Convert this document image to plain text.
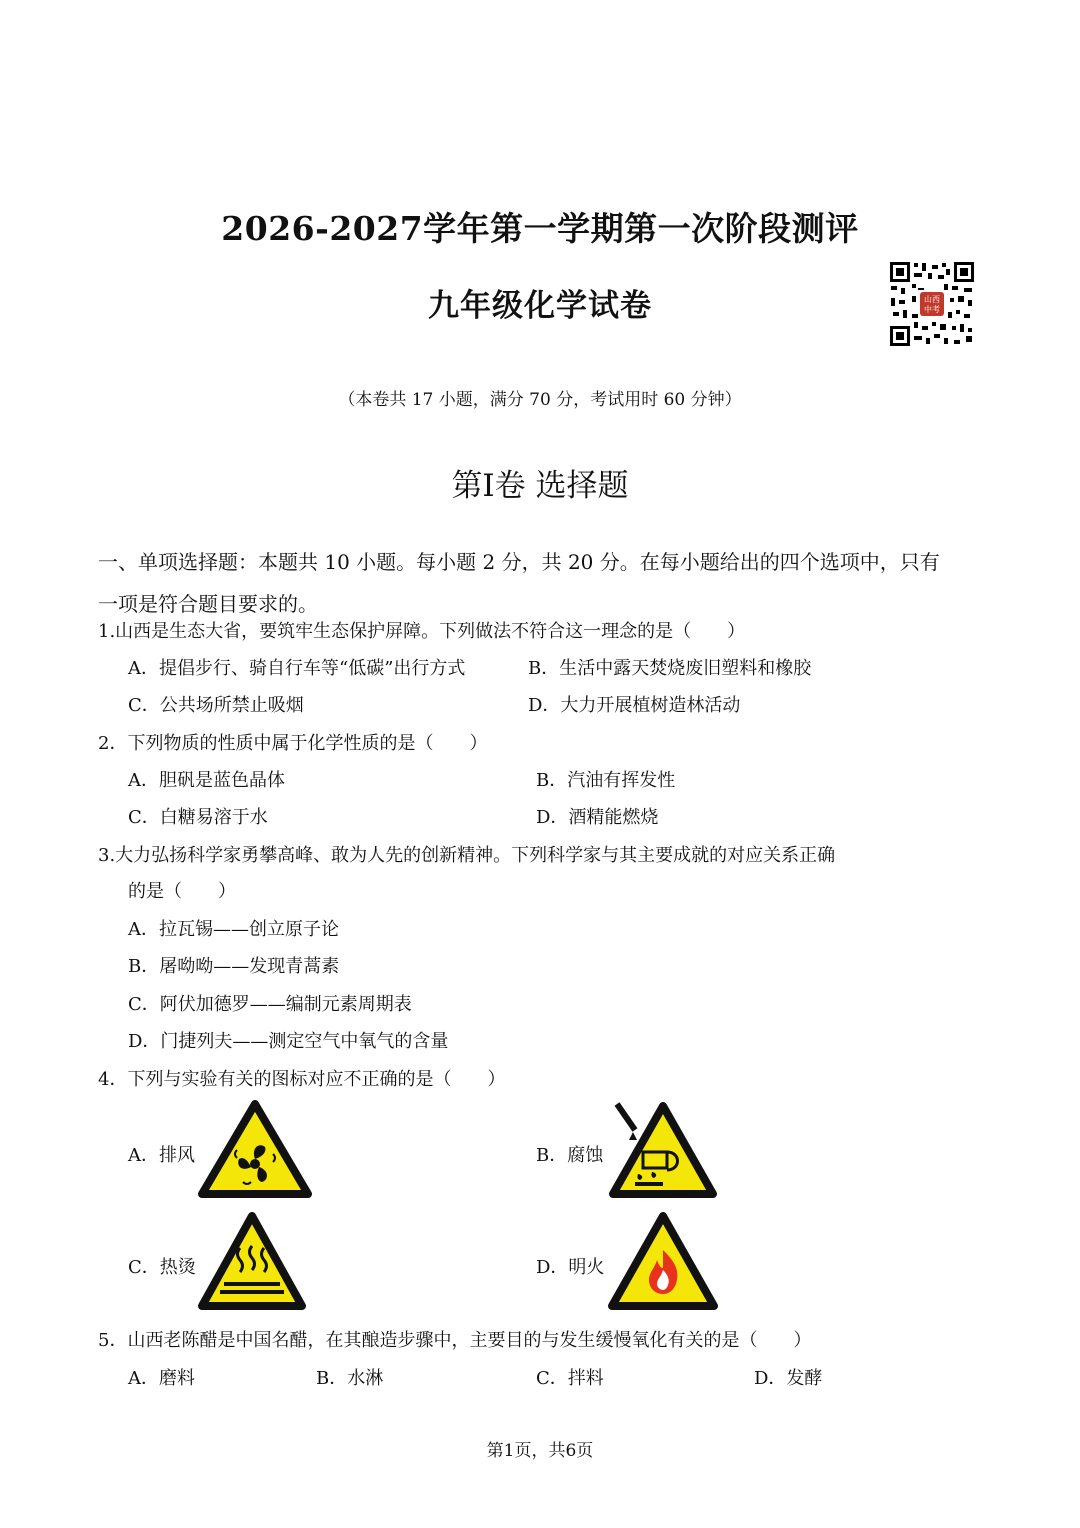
2026-2027学年第一学期第一次阶段测评
九年级化学试卷	山西中考
（本卷共 17 小题，满分 70 分，考试用时 60 分钟）
第I卷 选择题
一、单项选择题：本题共 10 小题。每小题 2 分，共 20 分。在每小题给出的四个选项中，只有
一项是符合题目要求的。
1.山西是生态大省，要筑牢生态保护屏障。下列做法不符合这一理念的是（　　）
A．提倡步行、骑自行车等“低碳”出行方式	B．生活中露天焚烧废旧塑料和橡胶
C．公共场所禁止吸烟	D．大力开展植树造林活动
2．下列物质的性质中属于化学性质的是（　　）
A．胆矾是蓝色晶体	B．汽油有挥发性
C．白糖易溶于水	D．酒精能燃烧
3.大力弘扬科学家勇攀高峰、敢为人先的创新精神。下列科学家与其主要成就的对应关系正确
的是（　　）
A．拉瓦锡——创立原子论
B．屠呦呦——发现青蒿素
C．阿伏加德罗——编制元素周期表
D．门捷列夫——测定空气中氧气的含量
4．下列与实验有关的图标对应不正确的是（　　）
A．排风	B．腐蚀
C．热烫	D．明火
5．山西老陈醋是中国名醋，在其酿造步骤中，主要目的与发生缓慢氧化有关的是（　　）
A．磨料	B．水淋	C．拌料	D．发酵
第1页，共6页
